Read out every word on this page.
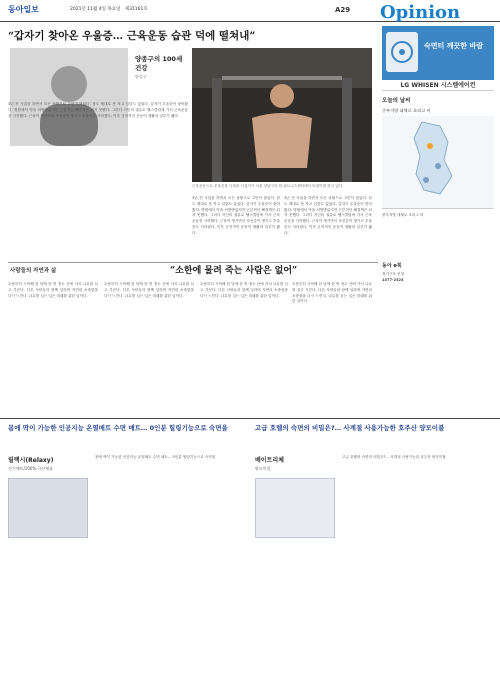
동아일보	2021년 11월 4일 목요일 제31161호	A29 Opinion
“갑자기 찾아온 우울증… 근육운동 습관 덕에 떨쳐내”
양종구의 100세 건강
양종구
근육운동으로 우울증을 극복한 사업가가 서울 강남구의 한 피트니스센터에서 턱걸이를 하고 있다.
3년 전 사업을 하면서 모든 상황으로 고민이 많았다. 잠도 제대로 못 자고 입맛도 없었다. 갑자기 우울증이 찾아왔다. 병원에서 약을 처방받았지만 근본적인 해결책은 되지 못했다. 그러다 지인의 권유로 헬스클럽에 가서 근육운동을 시작했다. 근육이 생기면서 자신감이 생기고 우울증도 사라졌다. 이후 규칙적인 운동이 생활의 일부가 됐다.
3년 전 사업을 하면서 모든 상황으로 고민이 많았다. 잠도 제대로 못 자고 입맛도 없었다. 갑자기 우울증이 찾아왔다. 병원에서 약을 처방받았지만 근본적인 해결책은 되지 못했다. 그러다 지인의 권유로 헬스클럽에 가서 근육운동을 시작했다. 근육이 생기면서 자신감이 생기고 우울증도 사라졌다. 이후 규칙적인 운동이 생활의 일부가 됐다.
3년 전 사업을 하면서 모든 상황으로 고민이 많았다. 잠도 제대로 못 자고 입맛도 없었다. 갑자기 우울증이 찾아왔다. 병원에서 약을 처방받았지만 근본적인 해결책은 되지 못했다. 그러다 지인의 권유로 헬스클럽에 가서 근육운동을 시작했다. 근육이 생기면서 자신감이 생기고 우울증도 사라졌다. 이후 규칙적인 운동이 생활의 일부가 됐다.
숙면터 깨끗한 바람
LG WHISEN 시스템에어컨
오늘의 날씨
중부지방 대체로 흐리고 비
중부지방 대체로 흐리고 비
동아 e북
정기구독 신청
1577-2525
사람들의 자연과 삶	“소한에 물려 죽는 사람은 없어”
초봄부터 시작해 한 달에 한 번 정도 산에 가서 나무를 심고 가꾼다. 다른 사람들과 함께 일하며 자연의 소중함을 다시 느낀다. 나무를 심는 일은 미래를 위한 일이다.
초봄부터 시작해 한 달에 한 번 정도 산에 가서 나무를 심고 가꾼다. 다른 사람들과 함께 일하며 자연의 소중함을 다시 느낀다. 나무를 심는 일은 미래를 위한 일이다.
초봄부터 시작해 한 달에 한 번 정도 산에 가서 나무를 심고 가꾼다. 다른 사람들과 함께 일하며 자연의 소중함을 다시 느낀다. 나무를 심는 일은 미래를 위한 일이다.
초봄부터 시작해 한 달에 한 번 정도 산에 가서 나무를 심고 가꾼다. 다른 사람들과 함께 일하며 자연의 소중함을 다시 느낀다. 나무를 심는 일은 미래를 위한 일이다.
몸에 딱이 가능한 인공지능 온열매트 수면 매트… 0인분 힐링기능으로 숙면을
릴랙시(Relaxy)
전기매트/100% 국산제품
몸에 딱이 가능한 인공지능 온열매트 수면 매트… 0인분 힐링기능으로 숙면을
고급 호텔의 숙면의 비밀은?… 사계절 사용가능한 호주산 양모이불
베이트리체
양모이불
고급 호텔의 숙면의 비밀은?… 사계절 사용가능한 호주산 양모이불
